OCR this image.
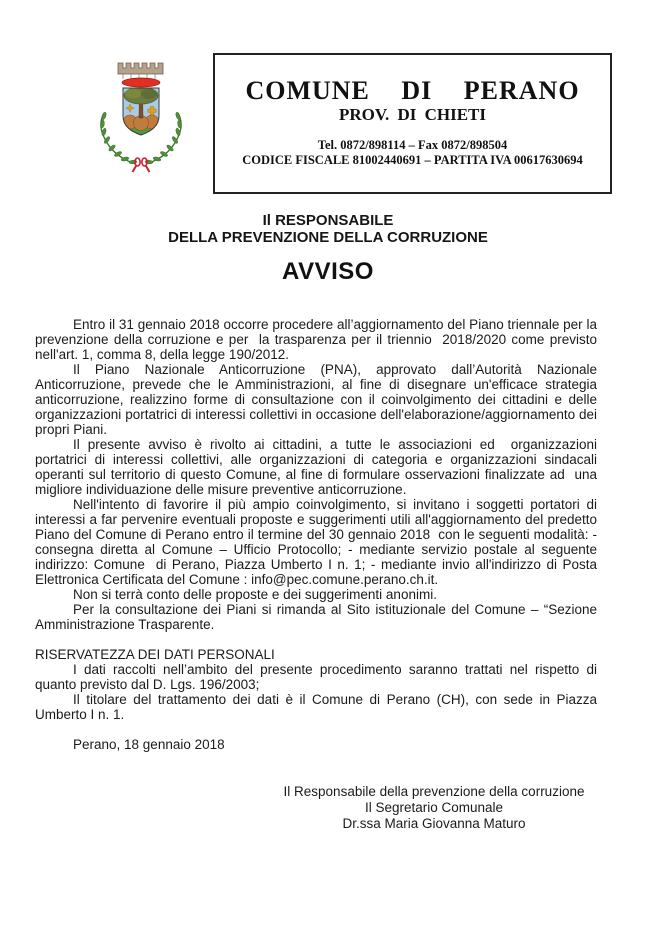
COMUNE DI PERANO
PROV. DI CHIETI
Tel. 0872/898114 – Fax 0872/898504
CODICE FISCALE 81002440691 – PARTITA IVA 00617630694
Il RESPONSABILE
DELLA PREVENZIONE DELLA CORRUZIONE
AVVISO
Entro il 31 gennaio 2018 occorre procedere all’aggiornamento del Piano triennale per la prevenzione della corruzione e per  la trasparenza per il triennio  2018/2020 come previsto nell'art. 1, comma 8, della legge 190/2012.
Il Piano Nazionale Anticorruzione (PNA), approvato dall’Autorità Nazionale Anticorruzione, prevede che le Amministrazioni, al fine di disegnare un'efficace strategia anticorruzione, realizzino forme di consultazione con il coinvolgimento dei cittadini e delle organizzazioni portatrici di interessi collettivi in occasione dell'elaborazione/aggiornamento dei propri Piani.
Il presente avviso è rivolto ai cittadini, a tutte le associazioni ed  organizzazioni portatrici di interessi collettivi, alle organizzazioni di categoria e organizzazioni sindacali operanti sul territorio di questo Comune, al fine di formulare osservazioni finalizzate ad  una migliore individuazione delle misure preventive anticorruzione.
Nell'intento di favorire il più ampio coinvolgimento, si invitano i soggetti portatori di interessi a far pervenire eventuali proposte e suggerimenti utili all'aggiornamento del predetto  Piano del Comune di Perano entro il termine del 30 gennaio 2018  con le seguenti modalità: - consegna diretta al Comune – Ufficio Protocollo; - mediante servizio postale al seguente indirizzo: Comune  di Perano, Piazza Umberto I n. 1; - mediante invio all'indirizzo di Posta Elettronica Certificata del Comune : info@pec.comune.perano.ch.it.
Non si terrà conto delle proposte e dei suggerimenti anonimi.
Per la consultazione dei Piani si rimanda al Sito istituzionale del Comune – “Sezione Amministrazione Trasparente.
RISERVATEZZA DEI DATI PERSONALI
I dati raccolti nell’ambito del presente procedimento saranno trattati nel rispetto di quanto previsto dal D. Lgs. 196/2003;
Il titolare del trattamento dei dati è il Comune di Perano (CH), con sede in Piazza Umberto I n. 1.
Perano, 18 gennaio 2018
Il Responsabile della prevenzione della corruzione
Il Segretario Comunale
Dr.ssa Maria Giovanna Maturo
